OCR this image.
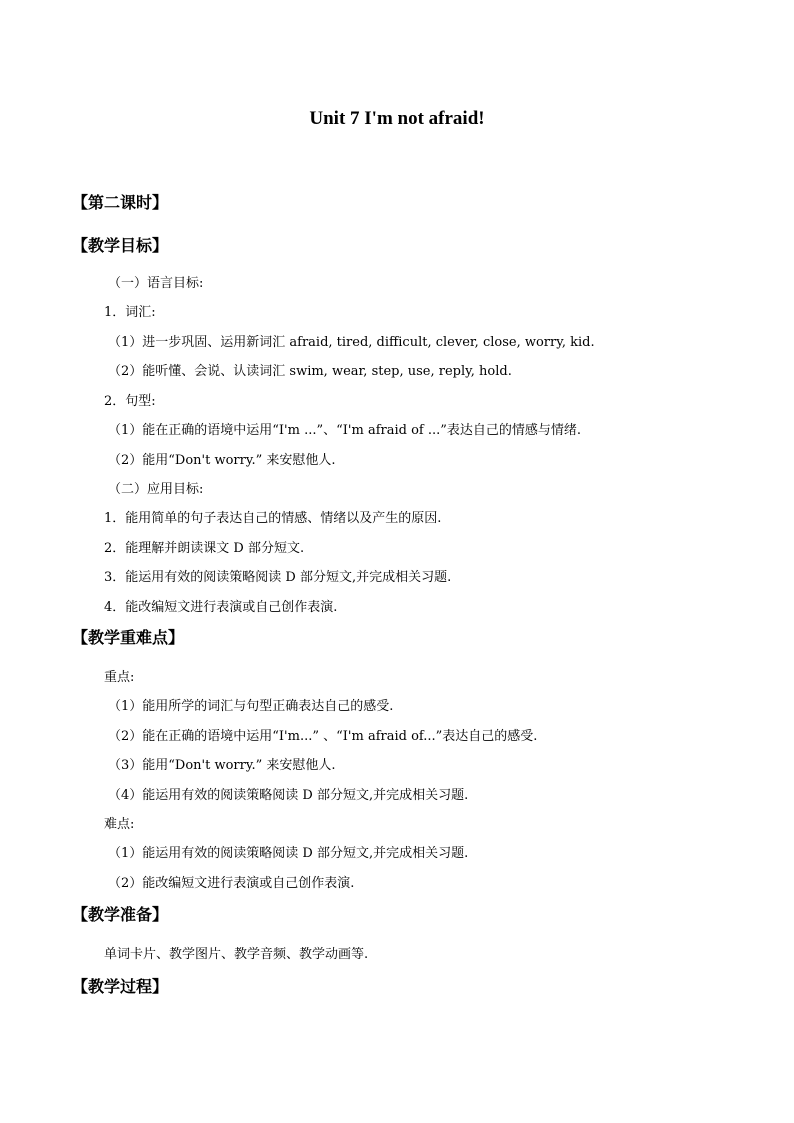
Unit 7 I'm not afraid!
【第二课时】
【教学目标】
（一）语言目标:
1．词汇:
（1）进一步巩固、运用新词汇 afraid, tired, difficult, clever, close, worry, kid.
（2）能听懂、会说、认读词汇 swim, wear, step, use, reply, hold.
2．句型:
（1）能在正确的语境中运用“I'm ...”、“I'm afraid of ...”表达自己的情感与情绪.
（2）能用“Don't worry.” 来安慰他人.
（二）应用目标:
1．能用简单的句子表达自己的情感、情绪以及产生的原因.
2．能理解并朗读课文 D 部分短文.
3．能运用有效的阅读策略阅读 D 部分短文,并完成相关习题.
4．能改编短文进行表演或自己创作表演.
【教学重难点】
重点:
（1）能用所学的词汇与句型正确表达自己的感受.
（2）能在正确的语境中运用“I'm...” 、“I'm afraid of...”表达自己的感受.
（3）能用“Don't worry.” 来安慰他人.
（4）能运用有效的阅读策略阅读 D 部分短文,并完成相关习题.
难点:
（1）能运用有效的阅读策略阅读 D 部分短文,并完成相关习题.
（2）能改编短文进行表演或自己创作表演.
【教学准备】
单词卡片、教学图片、教学音频、教学动画等.
【教学过程】
